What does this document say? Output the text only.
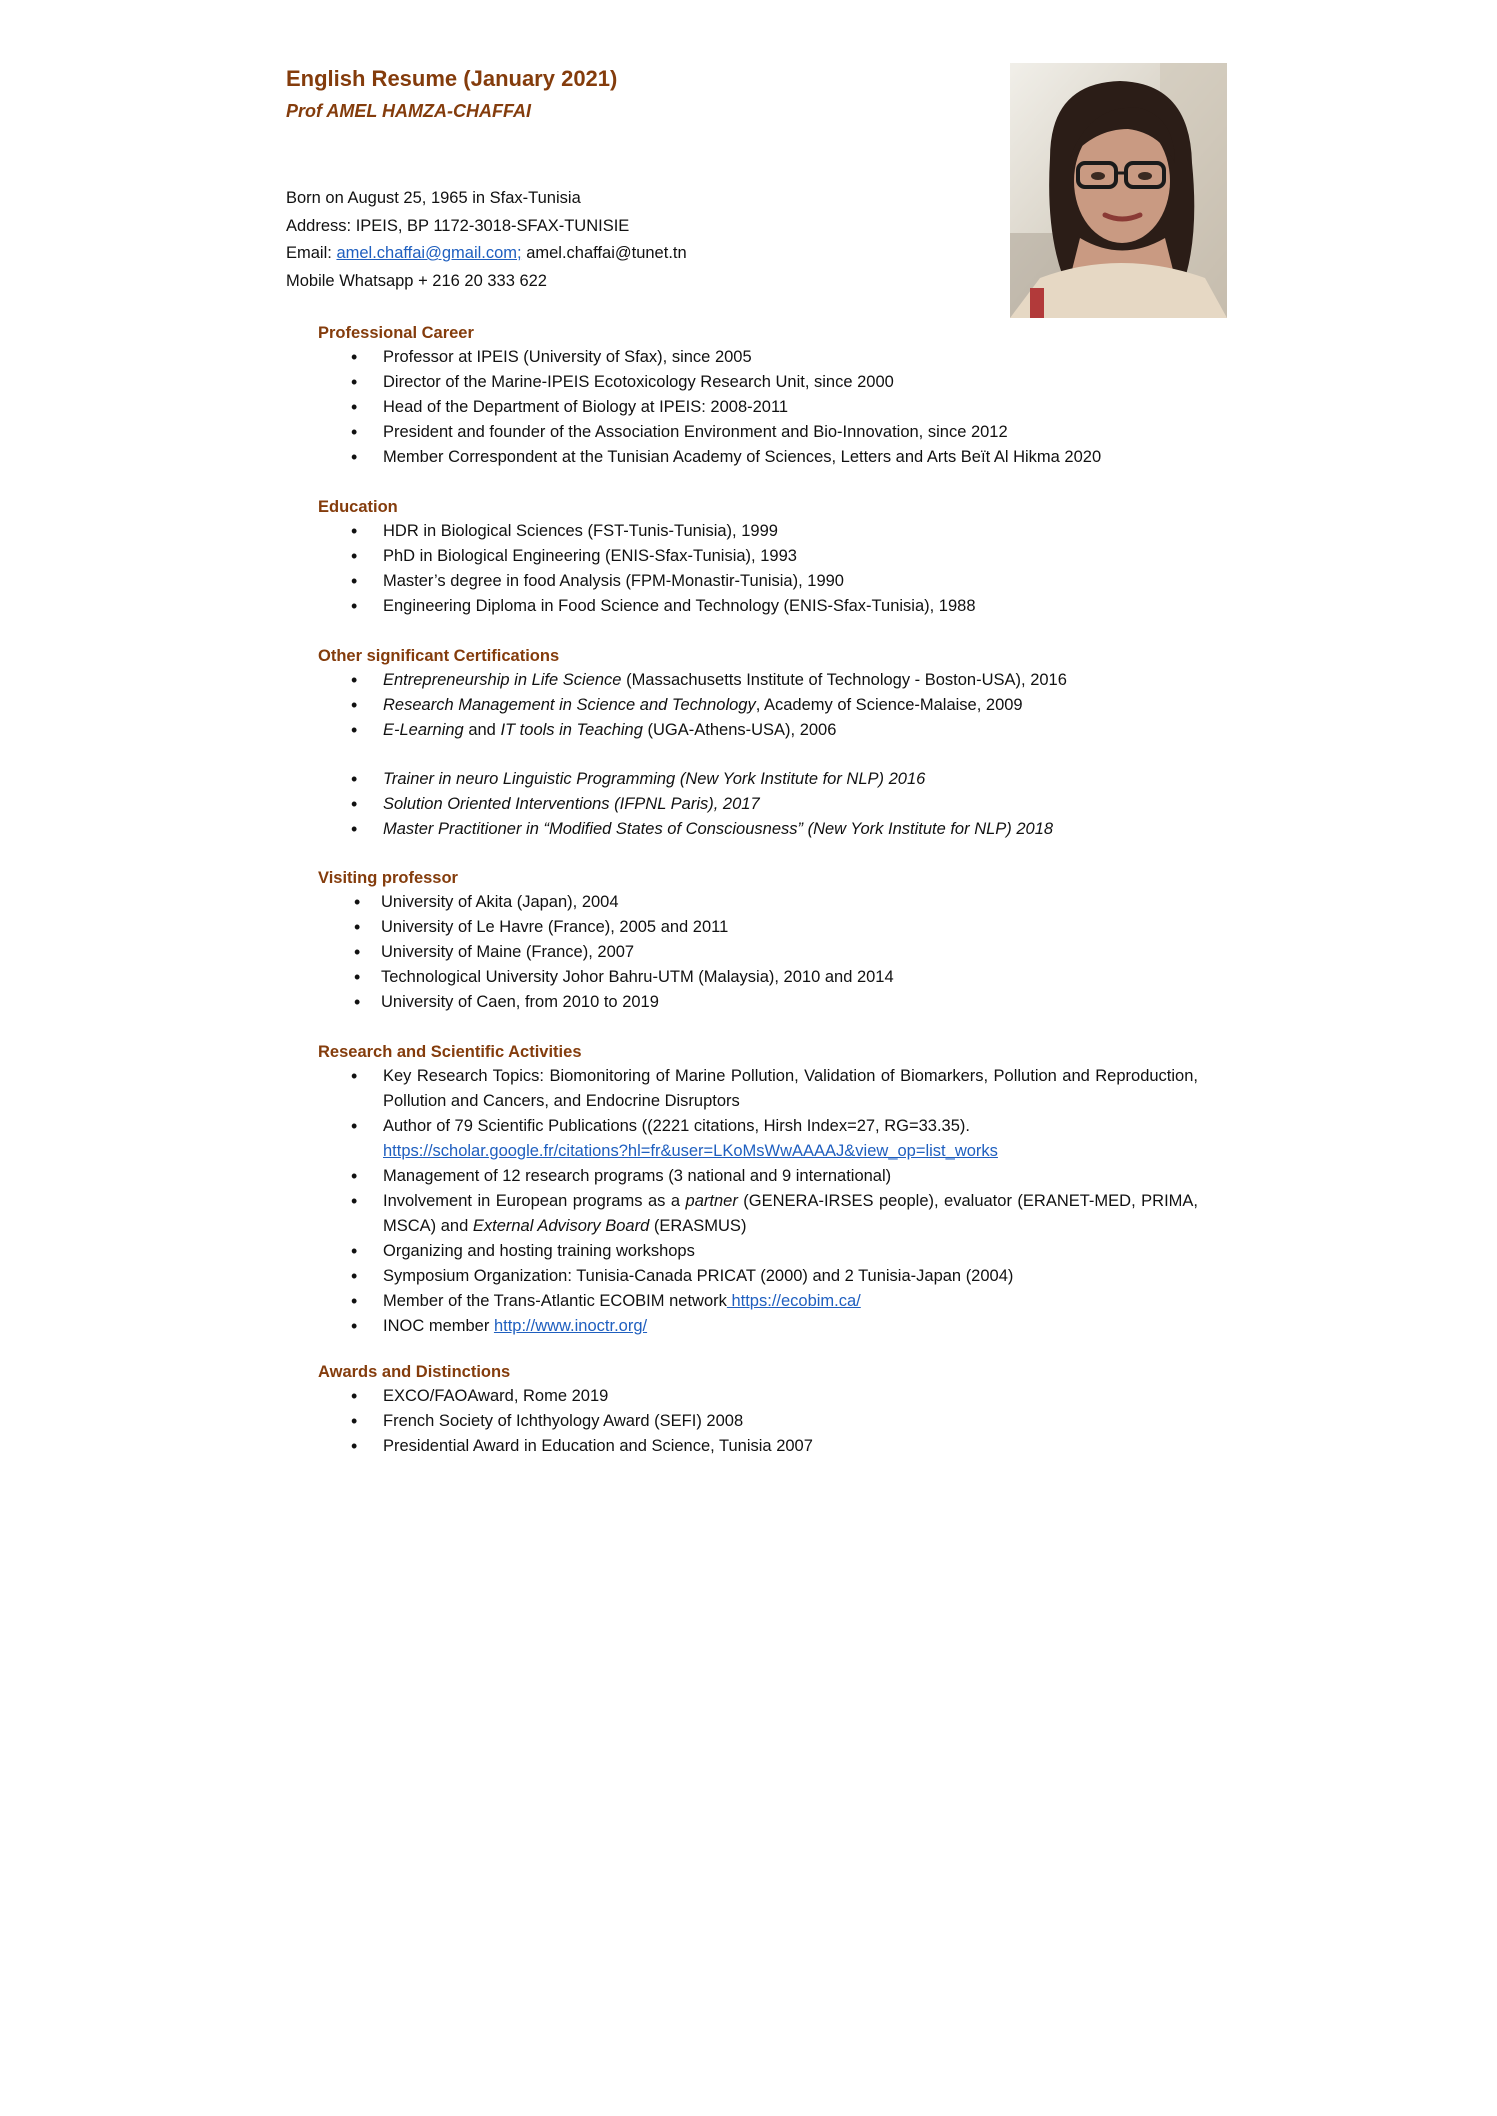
English Resume (January 2021)
Prof AMEL HAMZA-CHAFFAI
Born on August 25, 1965 in Sfax-Tunisia
Address: IPEIS, BP 1172-3018-SFAX-TUNISIE
Email: amel.chaffai@gmail.com; amel.chaffai@tunet.tn
Mobile Whatsapp + 216 20 333 622
Professional Career
• Professor at IPEIS (University of Sfax), since 2005
• Director of the Marine-IPEIS Ecotoxicology Research Unit, since 2000
• Head of the Department of Biology at IPEIS: 2008-2011
• President and founder of the Association Environment and Bio-Innovation, since 2012
• Member Correspondent at the Tunisian Academy of Sciences, Letters and Arts Beït Al Hikma 2020
Education
• HDR in Biological Sciences (FST-Tunis-Tunisia), 1999
• PhD in Biological Engineering (ENIS-Sfax-Tunisia), 1993
• Master’s degree in food Analysis (FPM-Monastir-Tunisia), 1990
• Engineering Diploma in Food Science and Technology (ENIS-Sfax-Tunisia), 1988
Other significant Certifications
• Entrepreneurship in Life Science (Massachusetts Institute of Technology - Boston-USA), 2016
• Research Management in Science and Technology, Academy of Science-Malaise, 2009
• E-Learning and IT tools in Teaching (UGA-Athens-USA), 2006
• Trainer in neuro Linguistic Programming (New York Institute for NLP) 2016
• Solution Oriented Interventions (IFPNL Paris), 2017
• Master Practitioner in “Modified States of Consciousness” (New York Institute for NLP) 2018
Visiting professor
• University of Akita (Japan), 2004
• University of Le Havre (France), 2005 and 2011
• University of Maine (France), 2007
• Technological University Johor Bahru-UTM (Malaysia), 2010 and 2014
• University of Caen, from 2010 to 2019
Research and Scientific Activities
• Key Research Topics: Biomonitoring of Marine Pollution, Validation of Biomarkers, Pollution and Reproduction, Pollution and Cancers, and Endocrine Disruptors
• Author of 79 Scientific Publications ((2221 citations, Hirsh Index=27, RG=33.35).
https://scholar.google.fr/citations?hl=fr&user=LKoMsWwAAAAJ&view_op=list_works
• Management of 12 research programs (3 national and 9 international)
• Involvement in European programs as a partner (GENERA-IRSES people), evaluator (ERANET-MED, PRIMA, MSCA) and External Advisory Board (ERASMUS)
• Organizing and hosting training workshops
• Symposium Organization: Tunisia-Canada PRICAT (2000) and 2 Tunisia-Japan (2004)
• Member of the Trans-Atlantic ECOBIM network https://ecobim.ca/
• INOC member http://www.inoctr.org/
Awards and Distinctions
• EXCO/FAOAward, Rome 2019
• French Society of Ichthyology Award (SEFI) 2008
• Presidential Award in Education and Science, Tunisia 2007
